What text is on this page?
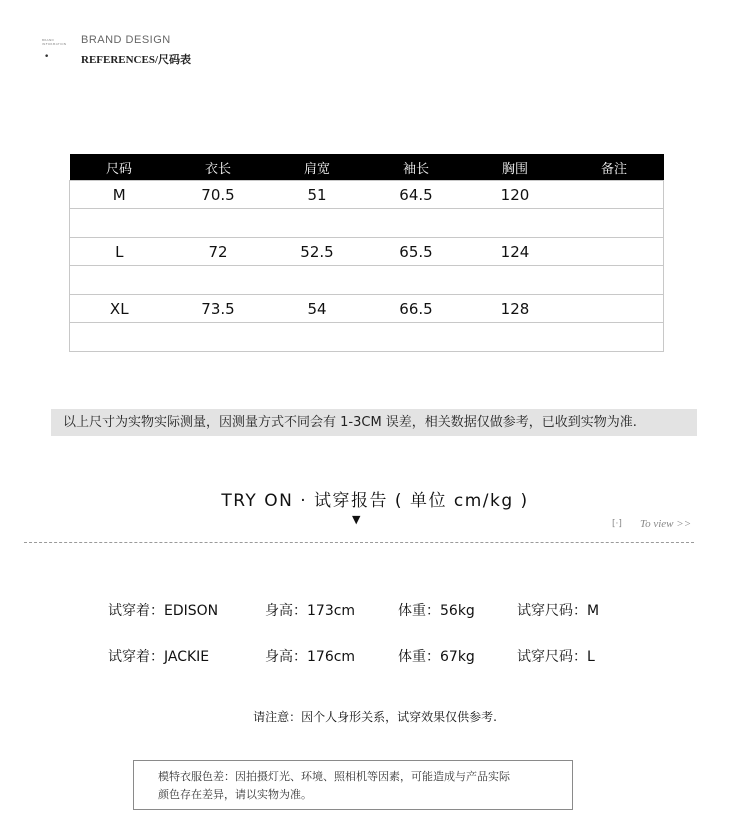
BRAND
INFORMATION
•
BRAND DESIGN
REFERENCES/尺码表
尺码	衣长	肩宽	袖长	胸围	备注
M	70.5	51	64.5	120	

L	72	52.5	65.5	124	

XL	73.5	54	66.5	128	

以上尺寸为实物实际测量，因测量方式不同会有 1-3CM 误差，相关数据仅做参考，已收到实物为准.
TRY ON · 试穿报告 ( 单位 cm/kg )
▼	[·] To view >>
试穿着：EDISON	身高：173cm	体重：56kg	试穿尺码：M
试穿着：JACKIE	身高：176cm	体重：67kg	试穿尺码：L
请注意：因个人身形关系，试穿效果仅供参考.
模特衣服色差：因拍摄灯光、环境、照相机等因素，可能造成与产品实际
颜色存在差异，请以实物为准。
